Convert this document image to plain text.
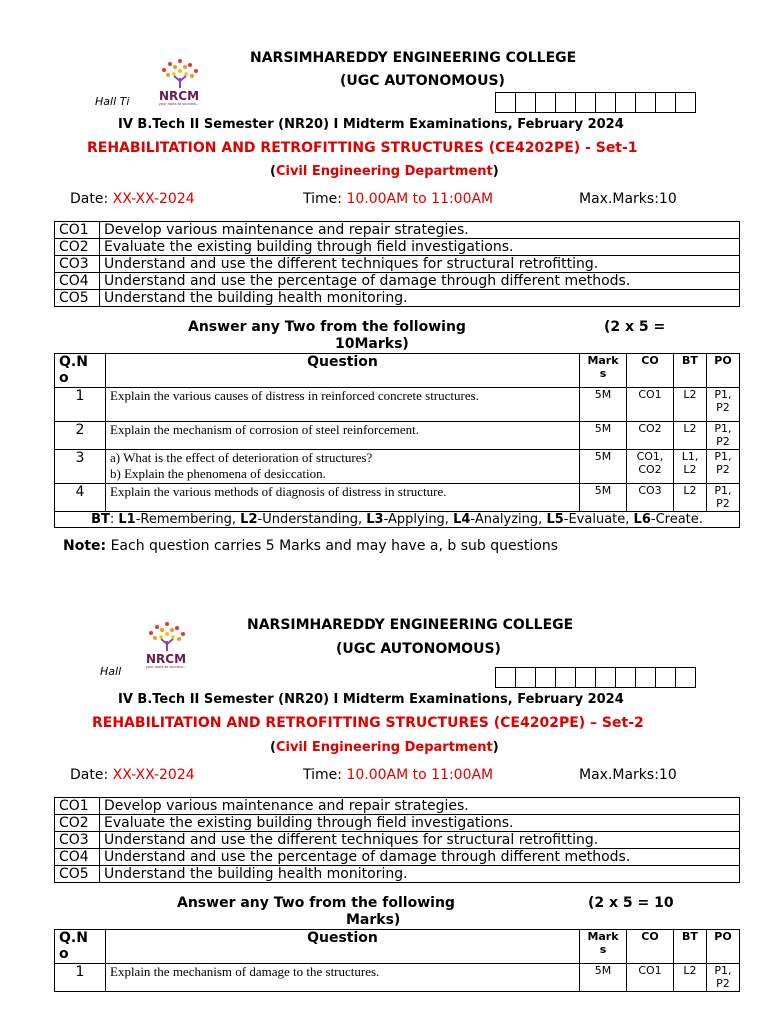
NARSIMHAREDDY ENGINEERING COLLEGE
(UGC AUTONOMOUS)
NRCM
your roots to success...
Hall Ti
IV B.Tech II Semester (NR20) I Midterm Examinations, February 2024
REHABILITATION AND RETROFITTING STRUCTURES (CE4202PE) - Set-1
(Civil Engineering Department)
Date: XX-XX-2024	Time: 10.00AM to 11:00AM	Max.Marks:10
CO1	Develop various maintenance and repair strategies.
CO2	Evaluate the existing building through field investigations.
CO3	Understand and use the different techniques for structural retrofitting.
CO4	Understand and use the percentage of damage through different methods.
CO5	Understand the building health monitoring.
Answer any Two from the following	(2 x 5 =
10Marks)
Q.N o	Question	Mark s	CO	BT	PO
1	Explain the various causes of distress in reinforced concrete structures.	5M	CO1	L2	P1, P2
2	Explain the mechanism of corrosion of steel reinforcement.	5M	CO2	L2	P1, P2
3	a) What is the effect of deterioration of structures?
b) Explain the phenomena of desiccation.	5M	CO1, CO2	L1, L2	P1, P2
4	Explain the various methods of diagnosis of distress in structure.	5M	CO3	L2	P1, P2
BT: L1-Remembering, L2-Understanding, L3-Applying, L4-Analyzing, L5-Evaluate, L6-Create.					
Note: Each question carries 5 Marks and may have a, b sub questions
NARSIMHAREDDY ENGINEERING COLLEGE
(UGC AUTONOMOUS)
NRCM
your roots to success...
Hall
IV B.Tech II Semester (NR20) I Midterm Examinations, February 2024
REHABILITATION AND RETROFITTING STRUCTURES (CE4202PE) – Set-2
(Civil Engineering Department)
Date: XX-XX-2024	Time: 10.00AM to 11:00AM	Max.Marks:10
CO1	Develop various maintenance and repair strategies.
CO2	Evaluate the existing building through field investigations.
CO3	Understand and use the different techniques for structural retrofitting.
CO4	Understand and use the percentage of damage through different methods.
CO5	Understand the building health monitoring.
Answer any Two from the following	(2 x 5 = 10
Marks)
Q.N o	Question	Mark s	CO	BT	PO
1	Explain the mechanism of damage to the structures.	5M	CO1	L2	P1, P2
